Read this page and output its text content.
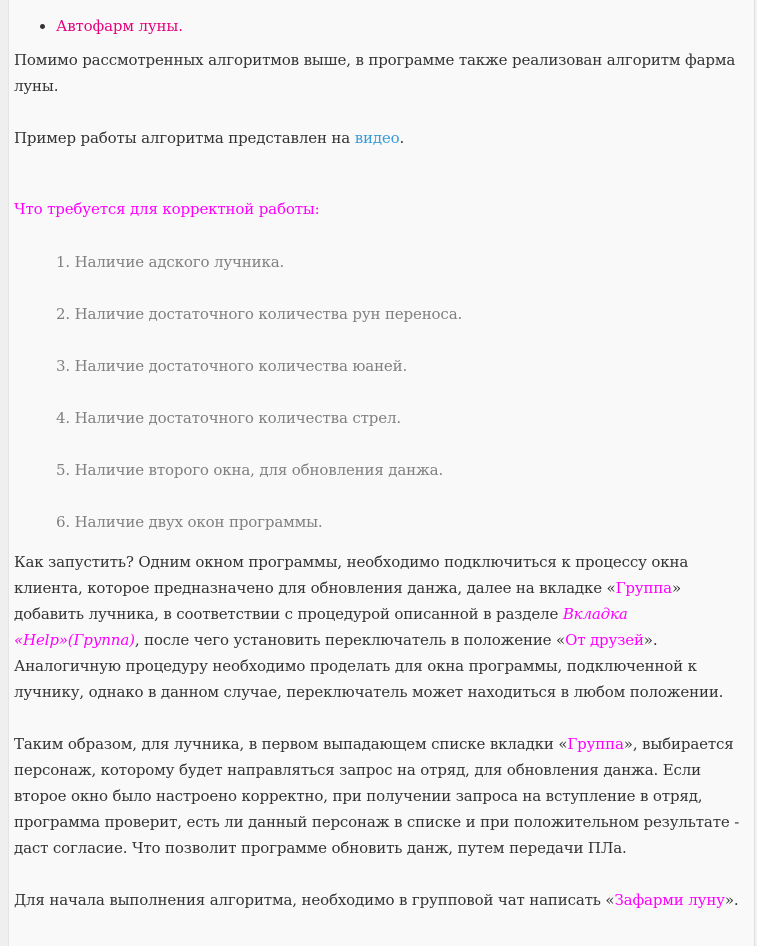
• Автофарм луны.

Помимо рассмотренных алгоритмов выше, в программе также реализован алгоритм фарма луны.

Пример работы алгоритма представлен на видео.

Что требуется для корректной работы:

1. Наличие адского лучника.
2. Наличие достаточного количества рун переноса.
3. Наличие достаточного количества юаней.
4. Наличие достаточного количества стрел.
5. Наличие второго окна, для обновления данжа.
6. Наличие двух окон программы.

Как запустить? Одним окном программы, необходимо подключиться к процессу окна клиента, которое предназначено для обновления данжа, далее на вкладке «Группа» добавить лучника, в соответствии с процедурой описанной в разделе Вкладка «Help»(Группа), после чего установить переключатель в положение «От друзей». Аналогичную процедуру необходимо проделать для окна программы, подключенной к лучнику, однако в данном случае, переключатель может находиться в любом положении.

Таким образом, для лучника, в первом выпадающем списке вкладки «Группа», выбирается персонаж, которому будет направляться запрос на отряд, для обновления данжа. Если второе окно было настроено корректно, при получении запроса на вступление в отряд, программа проверит, есть ли данный персонаж в списке и при положительном результате - даст согласие. Что позволит программе обновить данж, путем передачи ПЛа.

Для начала выполнения алгоритма, необходимо в групповой чат написать «Зафарми луну».
